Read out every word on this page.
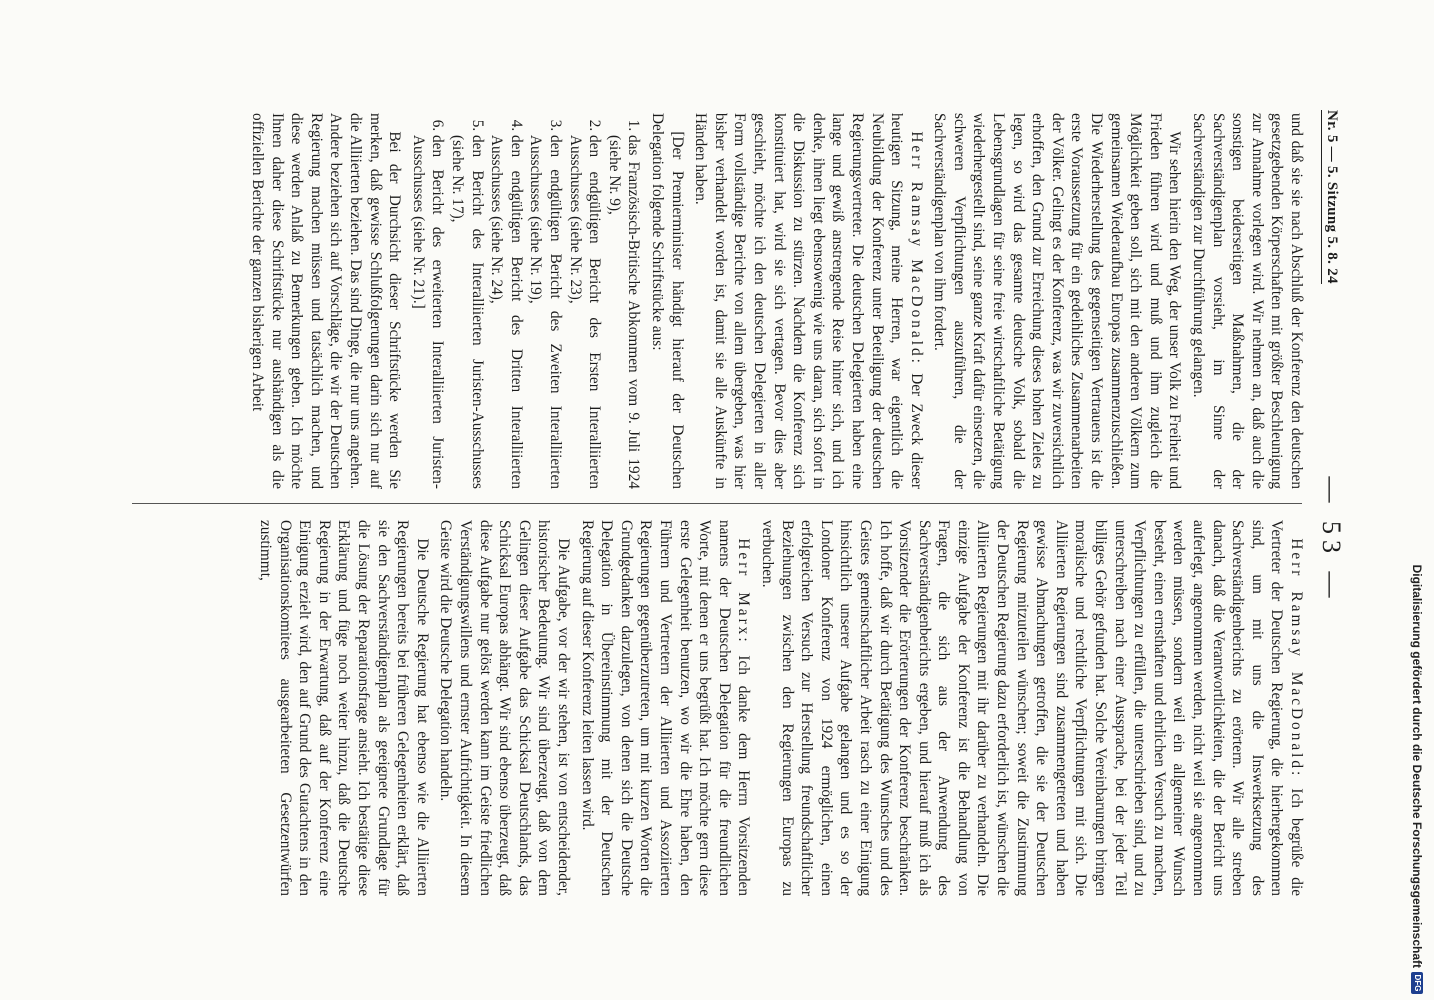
Nr. 5 — 5. Sitzung 5. 8. 24
— 53 —

und daß sie sie nach Abschluß der Konferenz den deutschen gesetzgebenden Körperschaften mit größter Beschleunigung zur Annahme vorlegen wird. Wir nehmen an, daß auch die sonstigen beiderseitigen Maßnahmen, die der Sachverständigenplan vorsieht, im Sinne der Sachverständigen zur Durchführung gelangen.

Wir sehen hierin den Weg, der unser Volk zu Freiheit und Frieden führen wird und muß und ihm zugleich die Möglichkeit geben soll, sich mit den anderen Völkern zum gemeinsamen Wiederaufbau Europas zusammenzuschließen. Die Wiederherstellung des gegenseitigen Vertrauens ist die erste Voraussetzung für ein gedeihliches Zusammenarbeiten der Völker. Gelingt es der Konferenz, was wir zuversichtlich erhoffen, den Grund zur Erreichung dieses hohen Zieles zu legen, so wird das gesamte deutsche Volk, sobald die Lebensgrundlagen für seine freie wirtschaftliche Betätigung wiederhergestellt sind, seine ganze Kraft dafür einsetzen, die schweren Verpflichtungen auszuführen, die der Sachverständigenplan von ihm fordert.

Herr Ramsay MacDonald: Der Zweck dieser heutigen Sitzung, meine Herren, war eigentlich die Neubildung der Konferenz unter Beteiligung der deutschen Regierungsvertreter. Die deutschen Delegierten haben eine lange und gewiß anstrengende Reise hinter sich, und ich denke, ihnen liegt ebensowenig wie uns daran, sich sofort in die Diskussion zu stürzen. Nachdem die Konferenz sich konstituiert hat, wird sie sich vertagen. Bevor dies aber geschieht, möchte ich den deutschen Delegierten in aller Form vollständige Berichte von allem übergeben, was hier bisher verhandelt worden ist, damit sie alle Auskünfte in Händen haben.

[Der Premierminister händigt hierauf der Deutschen Delegation folgende Schriftstücke aus:

1. das Französisch-Britische Abkommen vom 9. Juli 1924 (siehe Nr. 9),
2. den endgültigen Bericht des Ersten Interalliierten Ausschusses (siehe Nr. 23),
3. den endgültigen Bericht des Zweiten Interalliierten Ausschusses (siehe Nr. 19),
4. den endgültigen Bericht des Dritten Interalliierten Ausschusses (siehe Nr. 24),
5. den Bericht des Interalliierten Juristen-Ausschusses (siehe Nr. 17),
6. den Bericht des erweiterten Interalliierten Juristen-Ausschusses (siehe Nr. 21).]

Bei der Durchsicht dieser Schriftstücke werden Sie merken, daß gewisse Schlußfolgerungen darin sich nur auf die Alliierten beziehen. Das sind Dinge, die nur uns angehen. Andere beziehen sich auf Vorschläge, die wir der Deutschen Regierung machen müssen und tatsächlich machen, und diese werden Anlaß zu Bemerkungen geben. Ich möchte Ihnen daher diese Schriftstücke nur aushändigen als die offiziellen Berichte der ganzen bisherigen Arbeit

Herr Ramsay MacDonald: Ich begrüße die Vertreter der Deutschen Regierung, die hierhergekommen sind, um mit uns die Inswerksetzung des Sachverständigenberichts zu erörtern. Wir alle streben danach, daß die Verantwortlichkeiten, die der Bericht uns auferlegt, angenommen werden, nicht weil sie angenommen werden müssen, sondern weil ein allgemeiner Wunsch besteht, einen ernsthaften und ehrlichen Versuch zu machen, Verpflichtungen zu erfüllen, die unterschrieben sind, und zu unterschreiben nach einer Aussprache, bei der jeder Teil billiges Gehör gefunden hat. Solche Vereinbarungen bringen moralische und rechtliche Verpflichtungen mit sich. Die Alliierten Regierungen sind zusammengetreten und haben gewisse Abmachungen getroffen, die sie der Deutschen Regierung mitzuteilen wünschen; soweit die Zustimmung der Deutschen Regierung dazu erforderlich ist, wünschen die Alliierten Regierungen mit ihr darüber zu verhandeln. Die einzige Aufgabe der Konferenz ist die Behandlung von Fragen, die sich aus der Anwendung des Sachverständigenberichts ergeben, und hierauf muß ich als Vorsitzender die Erörterungen der Konferenz beschränken. Ich hoffe, daß wir durch Betätigung des Wunsches und des Geistes gemeinschaftlicher Arbeit rasch zu einer Einigung hinsichtlich unserer Aufgabe gelangen und es so der Londoner Konferenz von 1924 ermöglichen, einen erfolgreichen Versuch zur Herstellung freundschaftlicher Beziehungen zwischen den Regierungen Europas zu verbuchen.

Herr Marx: Ich danke dem Herrn Vorsitzenden namens der Deutschen Delegation für die freundlichen Worte, mit denen er uns begrüßt hat. Ich möchte gern diese erste Gelegenheit benutzen, wo wir die Ehre haben, den Führern und Vertretern der Alliierten und Assoziierten Regierungen gegenüberzutreten, um mit kurzen Worten die Grundgedanken darzulegen, von denen sich die Deutsche Delegation in Übereinstimmung mit der Deutschen Regierung auf dieser Konferenz leiten lassen wird.

Die Aufgabe, vor der wir stehen, ist von entscheidender, historischer Bedeutung. Wir sind überzeugt, daß von dem Gelingen dieser Aufgabe das Schicksal Deutschlands, das Schicksal Europas abhängt. Wir sind ebenso überzeugt, daß diese Aufgabe nur gelöst werden kann im Geiste friedlichen Verständigungswillens und ernster Aufrichtigkeit. In diesem Geiste wird die Deutsche Delegation handeln.

Die Deutsche Regierung hat ebenso wie die Alliierten Regierungen bereits bei früheren Gelegenheiten erklärt, daß sie den Sachverständigenplan als geeignete Grundlage für die Lösung der Reparationsfrage ansieht. Ich bestätige diese Erklärung und füge noch weiter hinzu, daß die Deutsche Regierung in der Erwartung, daß auf der Konferenz eine Einigung erzielt wird, den auf Grund des Gutachtens in den Organisationskomitees ausgearbeiteten Gesetzentwürfen zustimmt,

Digitalisierung gefördert durch die Deutsche Forschungsgemeinschaft
DFG
